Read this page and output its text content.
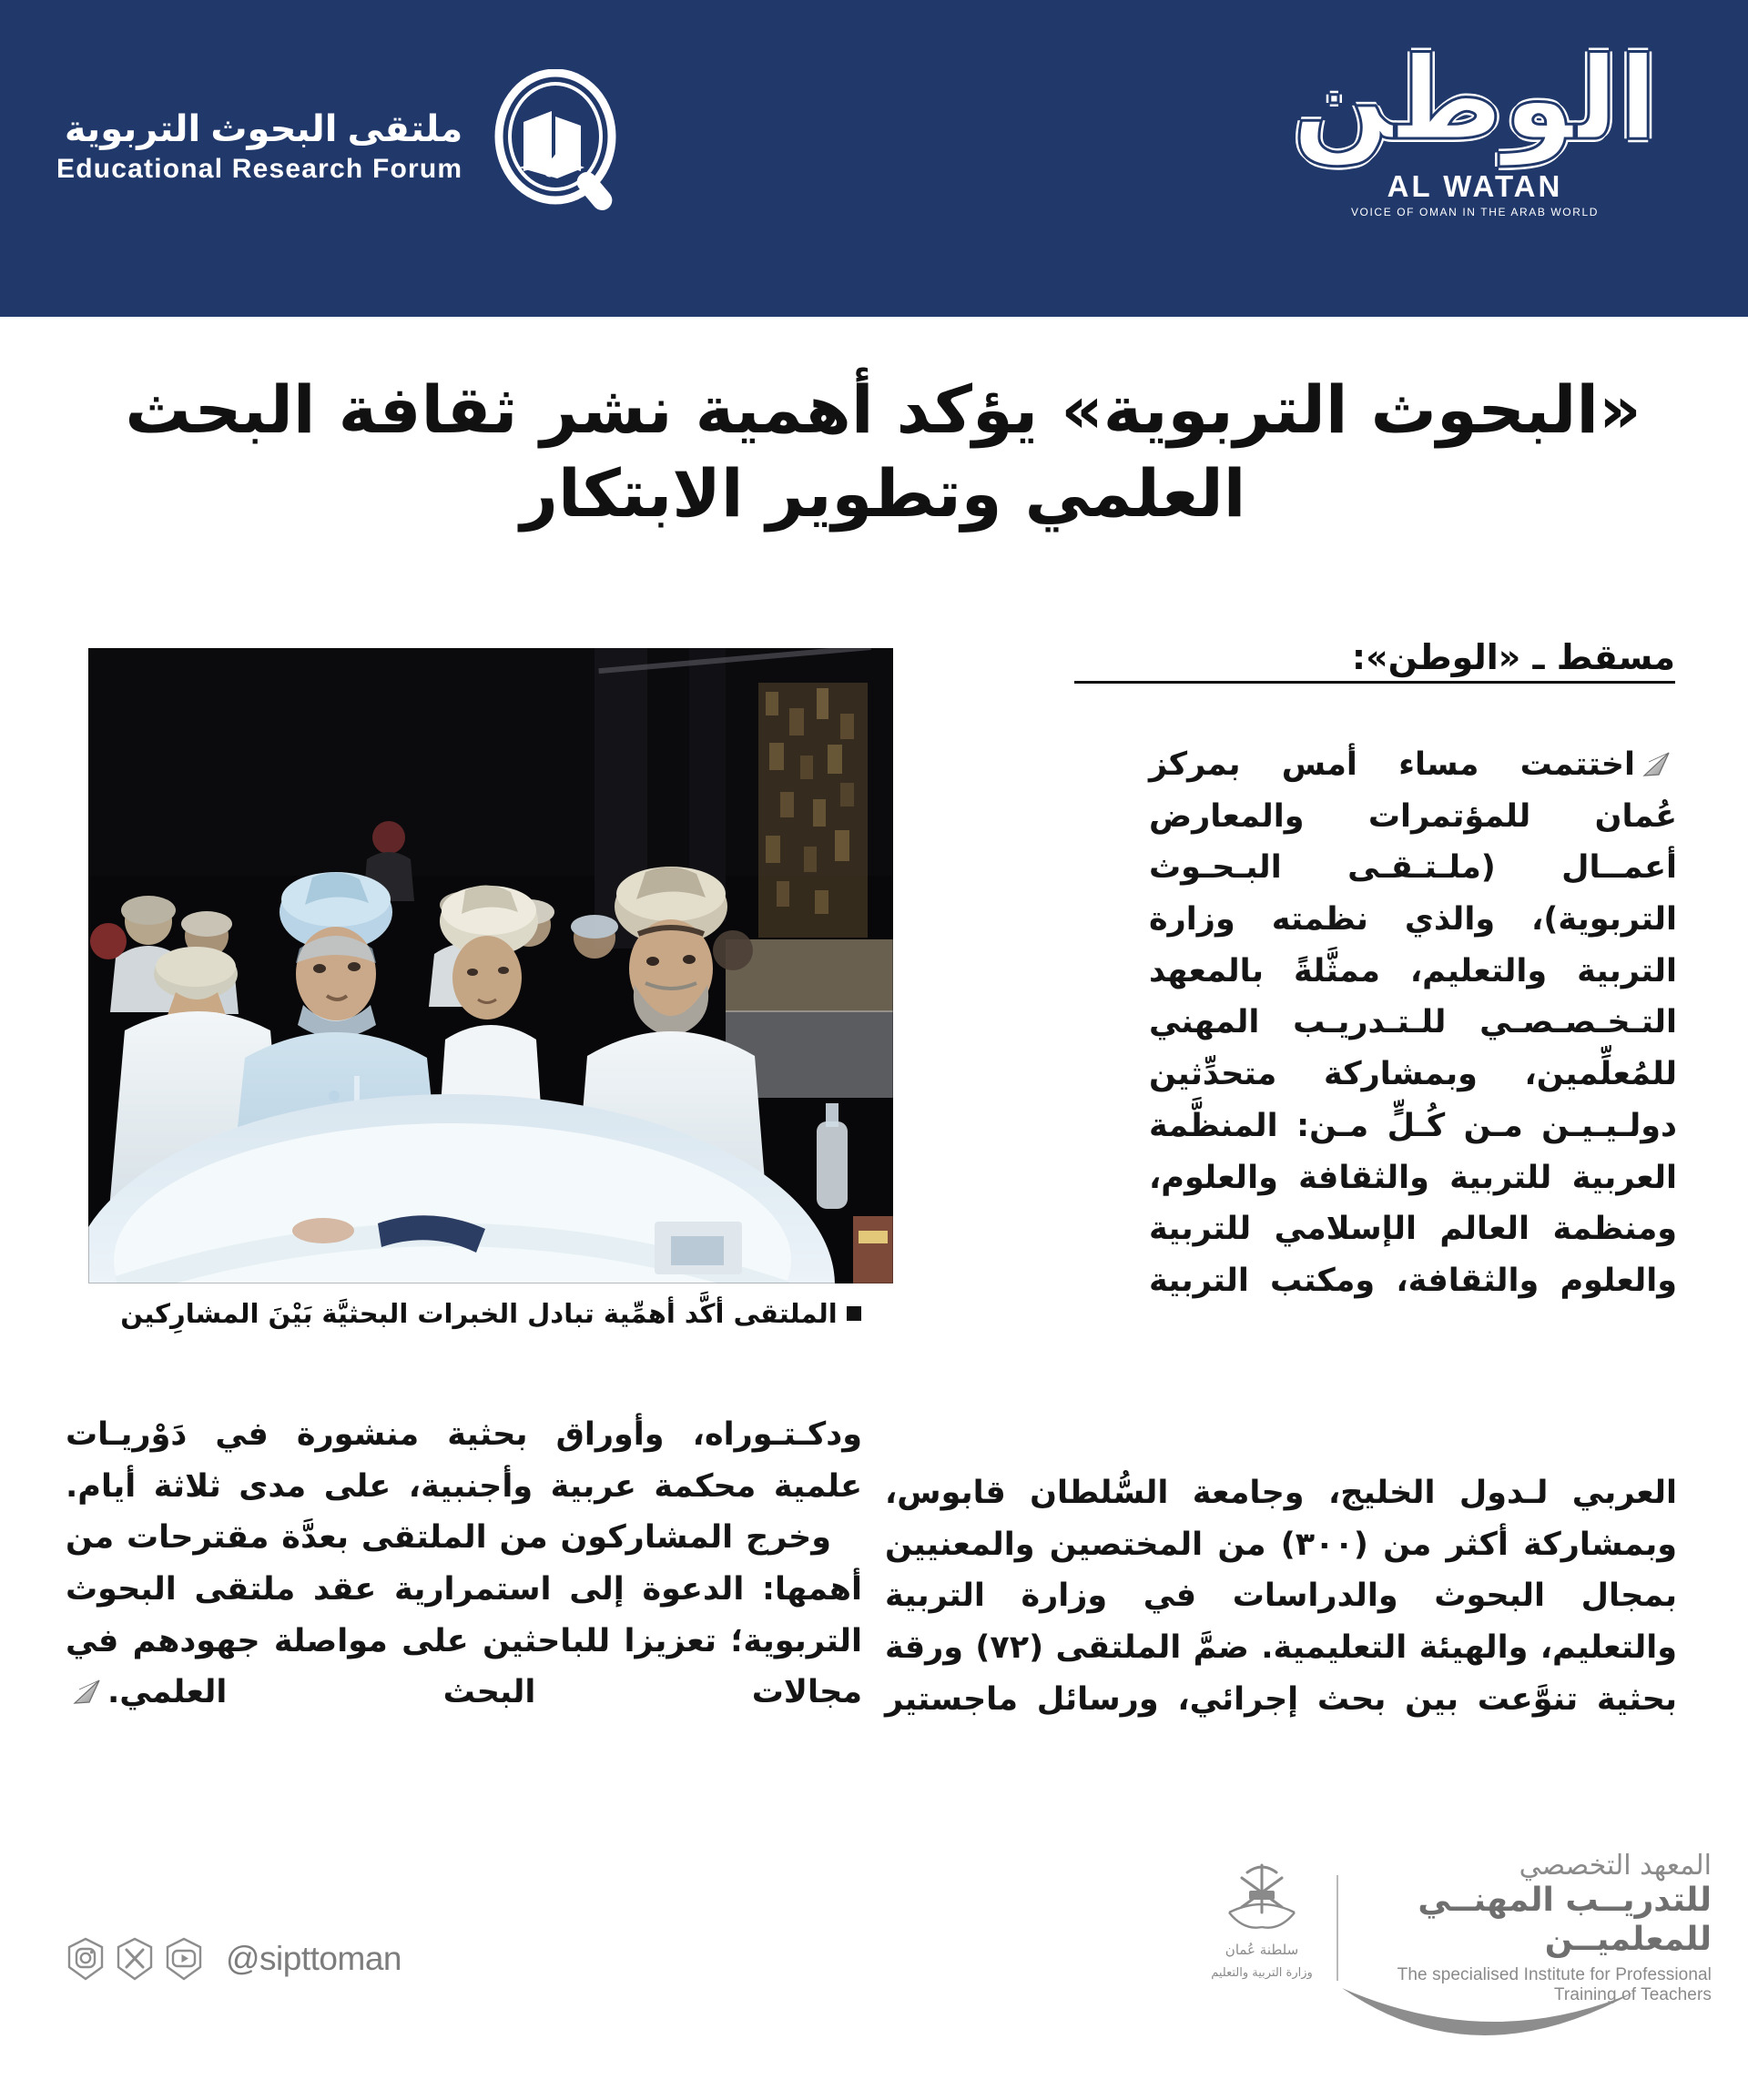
ملتقى البحوث التربوية
Educational Research Forum
الوطن
AL WATAN
VOICE OF OMAN IN THE ARAB WORLD
«البحوث التربوية» يؤكد أهمية نشر ثقافة البحث العلمي وتطوير الابتكار
مسقط ـ «الوطن»:
الملتقى أكَّد أهمِّية تبادل الخبرات البحثيَّة بَيْنَ المشارِكين
اختتمت مساء أمس بمركز عُمان للمؤتمرات والمعارض أعمــال (ملـتـقـى البـحـوث التربوية)، والذي نظمته وزارة التربية والتعليم، ممثَّلةً بالمعهد التـخـصـصـي للـتـدريـب المهني للمُعلِّمين، وبمشاركة متحدِّثين دولـيـيـن مـن كُـلٍّ مـن: المنظَّمة العربية للتربية والثقافة والعلوم، ومنظمة العالم الإسلامي للتربية والعلوم والثقافة، ومكتب التربية
العربي لـدول الخليج، وجامعة السُّلطان قابوس، وبمشاركة أكثر من (٣٠٠) من المختصين والمعنيين بمجال البحوث والدراسات في وزارة التربية والتعليم، والهيئة التعليمية. ضمَّ الملتقى (٧٢) ورقة بحثية تنوَّعت بين بحث إجرائي، ورسائل ماجستير

ودكـتـوراه، وأوراق بحثية منشورة في دَوْريـات علمية محكمة عربية وأجنبية، على مدى ثلاثة أيام.

وخرج المشاركون من الملتقى بعدَّة مقترحات من أهمها: الدعوة إلى استمرارية عقد ملتقى البحوث التربوية؛ تعزيزا للباحثين على مواصلة جهودهم في مجالات البحث العلمي.

@sipttoman	سلطنة عُمان
وزارة التربية والتعليم
المعهد التخصصي
للتدريــب المهنــي للمعلميــن
The specialised Institute for Professional Training of Teachers
